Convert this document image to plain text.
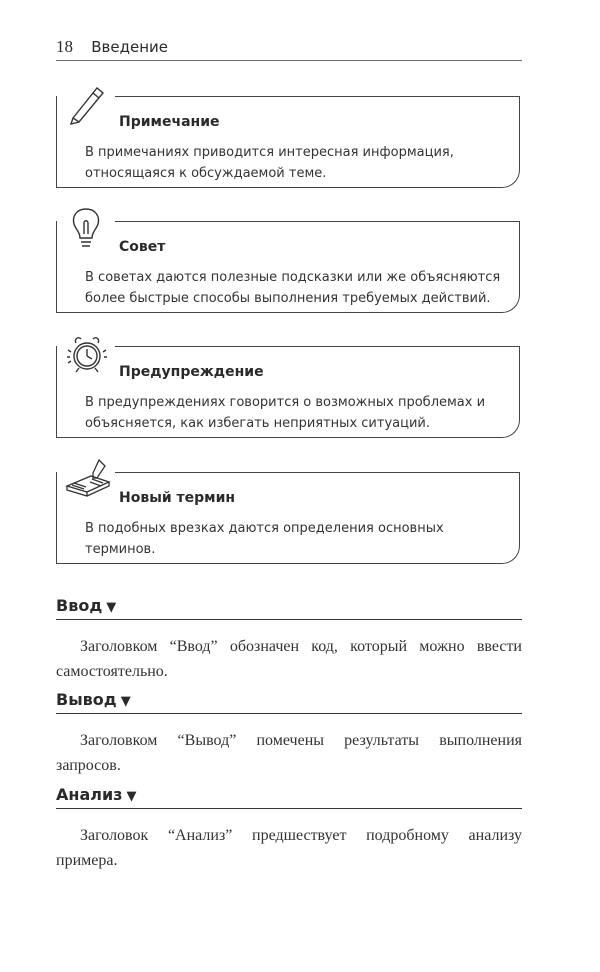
18 Введение
Примечание
В примечаниях приводится интересная информация, относящаяся к обсуждаемой теме.
Совет
В советах даются полезные подсказки или же объясняются более быстрые способы выполнения требуемых действий.
Предупреждение
В предупреждениях говорится о возможных проблемах и объясняется, как избегать неприятных ситуаций.
Новый термин
В подобных врезках даются определения основных терминов.
Ввод ▼
Заголовком “Ввод” обозначен код, который можно ввести самостоятельно.
Вывод ▼
Заголовком “Вывод” помечены результаты выполнения запросов.
Анализ ▼
Заголовок “Анализ” предшествует подробному анализу примера.
